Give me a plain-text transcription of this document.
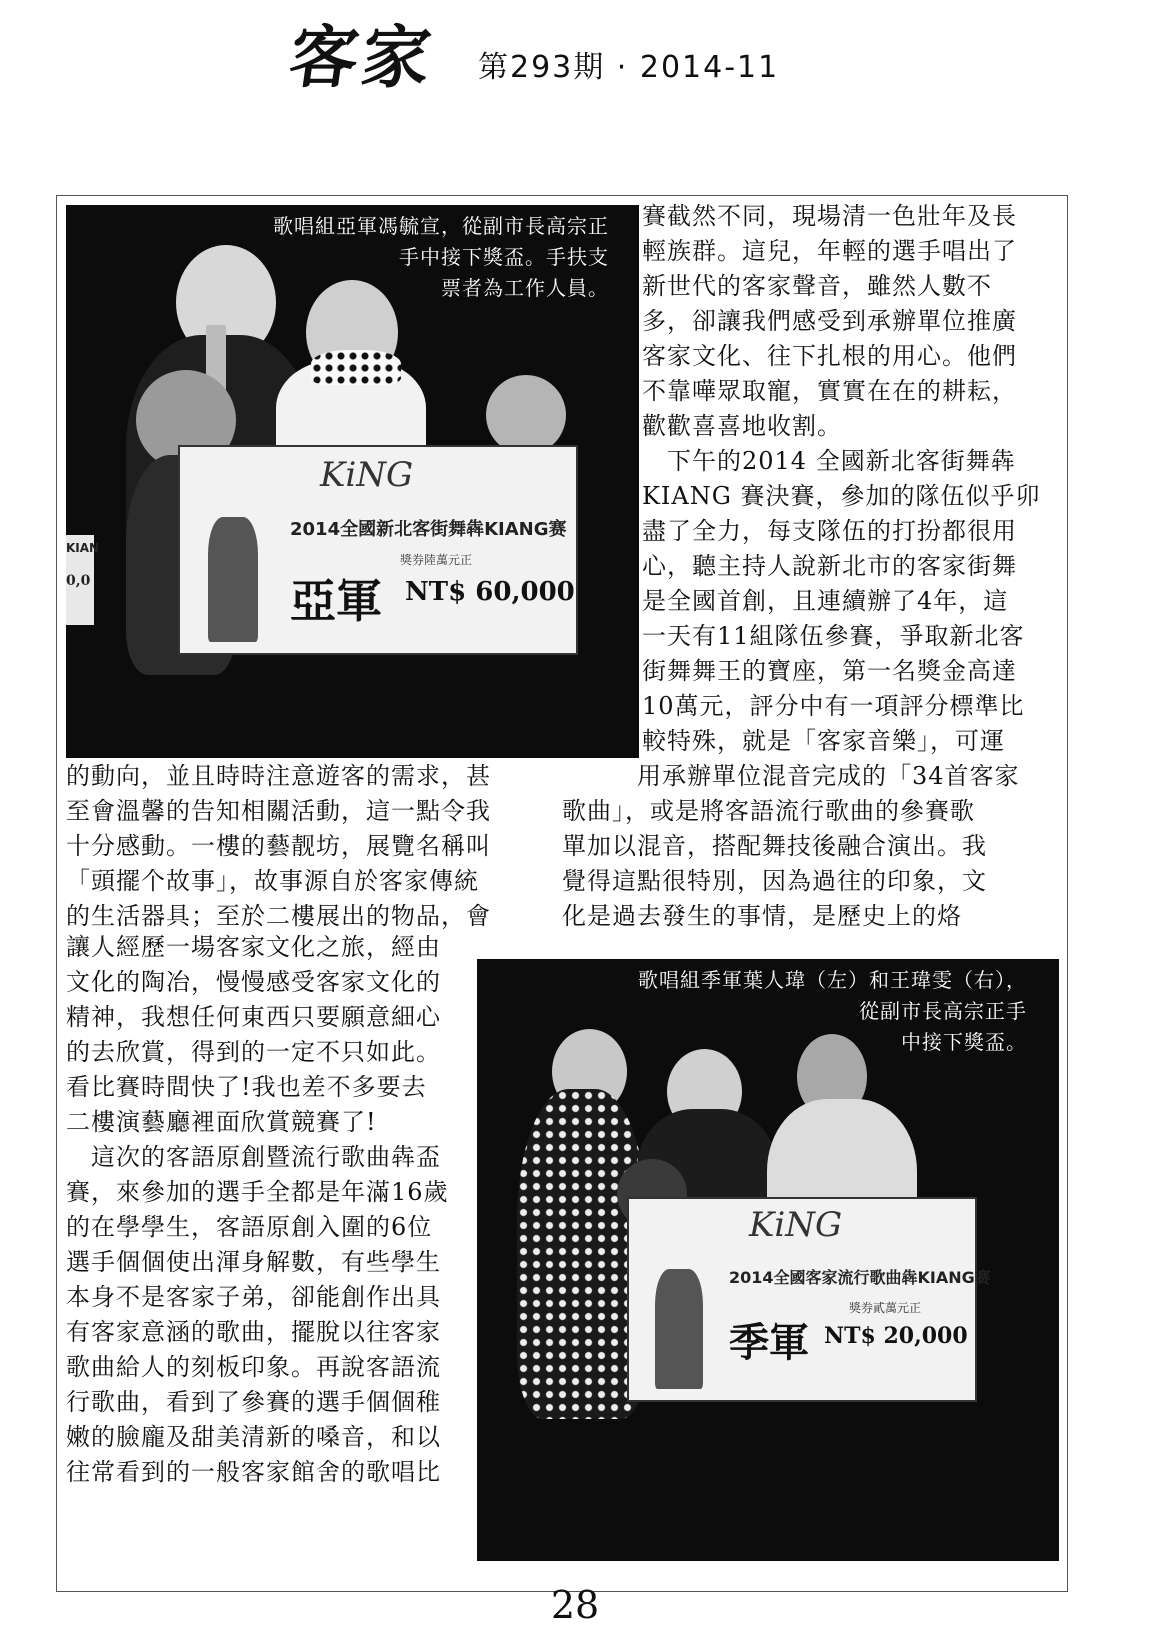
客家 第293期 · 2014-11
KiNG
2014全國新北客街舞犇KIANG赛
獎券陸萬元正
亞軍 NT$ 60,000
KIAN
0,0
歌唱組亞軍馮毓宣，從副市長高宗正
手中接下獎盃。手扶支
票者為工作人員。
KiNG
2014全國客家流行歌曲犇KIANG赛
獎券貳萬元正
季軍 NT$ 20,000
歌唱組季軍葉人瑋（左）和王瑋雯（右），
從副市長高宗正手
中接下獎盃。

賽截然不同，現場清一色壯年及長

輕族群。這兒，年輕的選手唱出了

新世代的客家聲音，雖然人數不

多，卻讓我們感受到承辦單位推廣

客家文化、往下扎根的用心。他們

不靠嘩眾取寵，實實在在的耕耘，

歡歡喜喜地收割。

　下午的2014 全國新北客街舞犇

KIANG 賽決賽，參加的隊伍似乎卯

盡了全力，每支隊伍的打扮都很用

心，聽主持人說新北市的客家街舞

是全國首創，且連續辦了4年，這

一天有11組隊伍參賽，爭取新北客

街舞舞王的寶座，第一名獎金高達

10萬元，評分中有一項評分標準比

較特殊，就是「客家音樂」，可運

　　　用承辦單位混音完成的「34首客家

歌曲」，或是將客語流行歌曲的參賽歌

單加以混音，搭配舞技後融合演出。我

覺得這點很特別，因為過往的印象，文

化是過去發生的事情，是歷史上的烙

的動向，並且時時注意遊客的需求，甚

至會溫馨的告知相關活動，這一點令我

十分感動。一樓的藝靓坊，展覽名稱叫

「頭擺个故事」，故事源自於客家傳統

的生活器具；至於二樓展出的物品，會

讓人經歷一場客家文化之旅，經由

文化的陶冶，慢慢感受客家文化的

精神，我想任何東西只要願意細心

的去欣賞，得到的一定不只如此。

看比賽時間快了!我也差不多要去

二樓演藝廳裡面欣賞競賽了!

　這次的客語原創暨流行歌曲犇盃

賽，來參加的選手全都是年滿16歲

的在學學生，客語原創入圍的6位

選手個個使出渾身解數，有些學生

本身不是客家子弟，卻能創作出具

有客家意涵的歌曲，擺脫以往客家

歌曲給人的刻板印象。再說客語流

行歌曲，看到了參賽的選手個個稚

嫩的臉龐及甜美清新的嗓音，和以

往常看到的一般客家館舍的歌唱比

28
